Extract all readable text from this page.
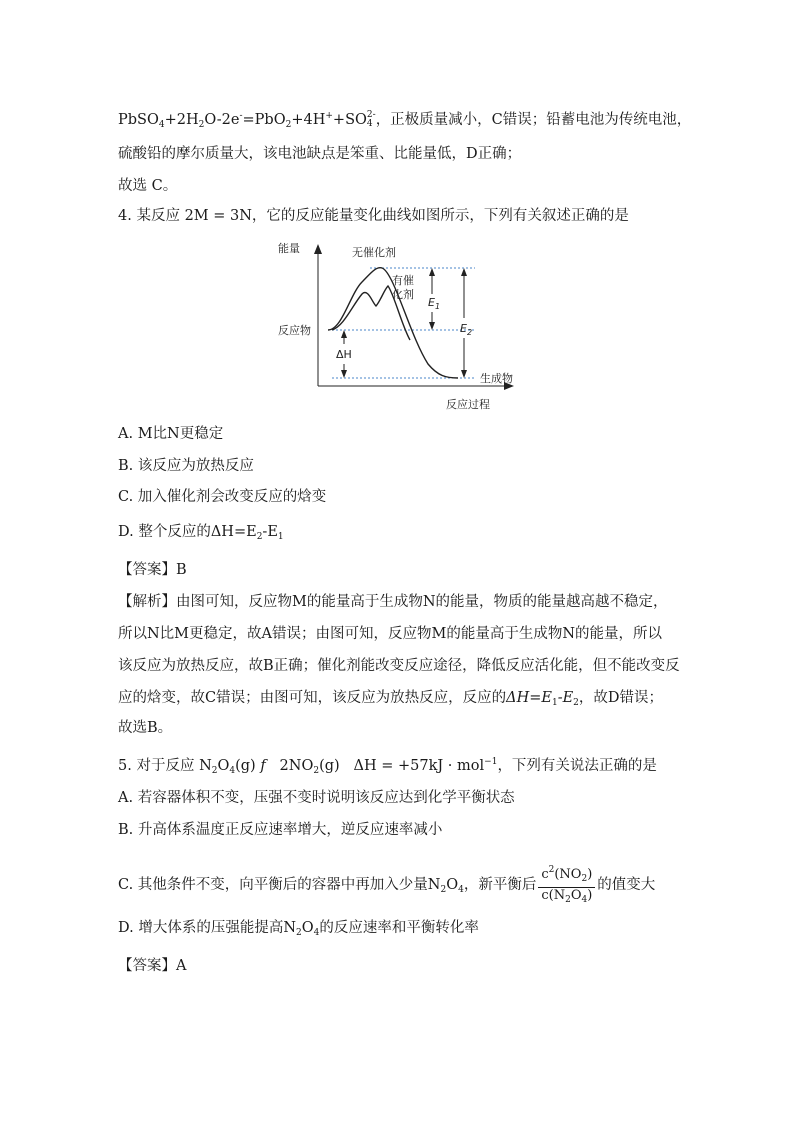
$PbSO_4+2H_2O-2e^-=PbO_2+4H^++SO$ 2-
4 ，正极质量减小，C错误；铅蓄电池为传统电池，
硫酸铅的摩尔质量大，该电池缺点是笨重、比能量低，D正确；
故选 C。
4. 某反应 2M = 3N，它的反应能量变化曲线如图所示，下列有关叙述正确的是
能量
反应过程
无催化剂
有催
化剂
反应物
生成物
ΔH
$E_1$
$E_2$
A. M比N更稳定
B. 该反应为放热反应
C. 加入催化剂会改变反应的焓变
D. 整个反应的$\Delta H=E_2-E_1$
【答案】B
【解析】由图可知，反应物M的能量高于生成物N的能量，物质的能量越高越不稳定，
所以N比M更稳定，故A错误；由图可知，反应物M的能量高于生成物N的能量，所以
该反应为放热反应，故B正确；催化剂能改变反应途径，降低反应活化能，但不能改变反
应的焓变，故C错误；由图可知，该反应为放热反应，反应的$\Delta H=E_1-E_2$，故D错误；
故选B。
5. 对于反应 $N_2O_4(g)$ f $2NO_2(g) \Delta H = +57kJ \cdot mol^{-1}$，下列有关说法正确的是
A. 若容器体积不变，压强不变时说明该反应达到化学平衡状态
B. 升高体系温度正反应速率增大，逆反应速率减小
C. 其他条件不变，向平衡后的容器中再加入少量$N_2O_4$，新平衡后 $\frac{c^2(NO_2)}{c(N_2O_4)}$ 的值变大
D. 增大体系的压强能提高$N_2O_4$的反应速率和平衡转化率
【答案】A
